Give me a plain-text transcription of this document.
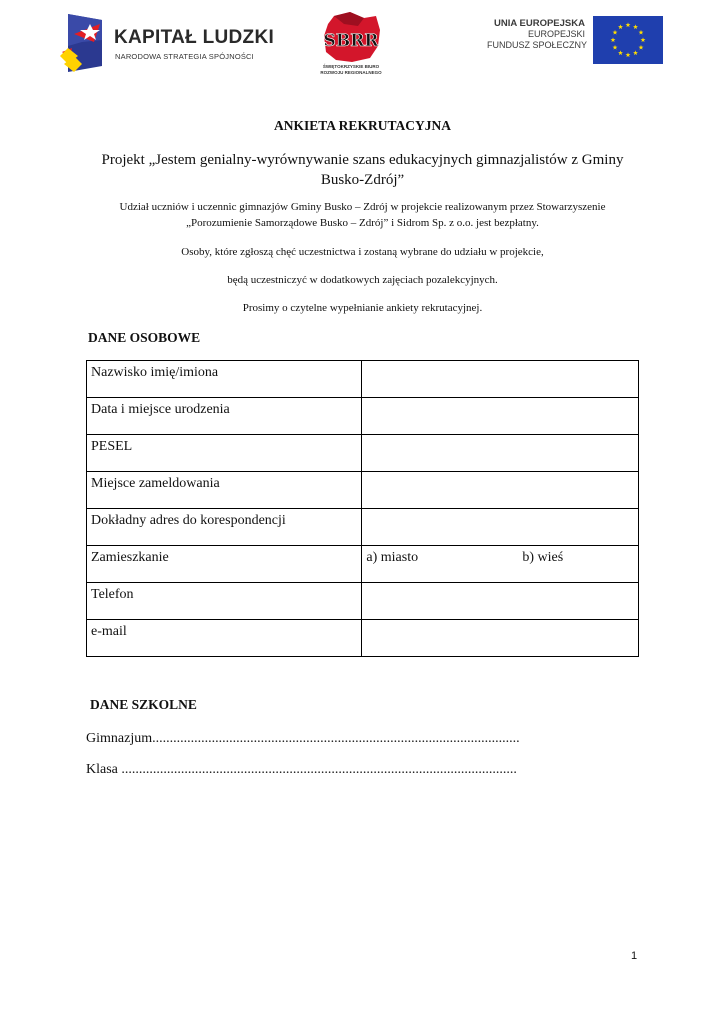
KAPITAŁ LUDZKI
NARODOWA STRATEGIA SPÓJNOŚCI
SBRR
ŚWIĘTOKRZYSKIE BIURO
ROZWOJU REGIONALNEGO
UNIA EUROPEJSKA
EUROPEJSKI
FUNDUSZ SPOŁECZNY
ANKIETA REKRUTACYJNA
Projekt „Jestem genialny-wyrównywanie szans edukacyjnych gimnazjalistów z Gminy
Busko-Zdrój”
Udział uczniów i uczennic gimnazjów Gminy Busko – Zdrój w projekcie realizowanym przez Stowarzyszenie
„Porozumienie Samorządowe Busko – Zdrój” i Sidrom Sp. z o.o. jest bezpłatny.
Osoby, które zgłoszą chęć uczestnictwa i zostaną wybrane do udziału w projekcie,
będą uczestniczyć w dodatkowych zajęciach pozalekcyjnych.
Prosimy o czytelne wypełnianie ankiety rekrutacyjnej.
DANE OSOBOWE
Nazwisko imię/imiona	
Data i miejsce urodzenia	
PESEL	
Miejsce zameldowania	
Dokładny adres do korespondencji	
Zamieszkanie	a) miasto b) wieś
Telefon	
e-mail	
DANE SZKOLNE
Gimnazjum.........................................................................................................
Klasa .................................................................................................................
1
